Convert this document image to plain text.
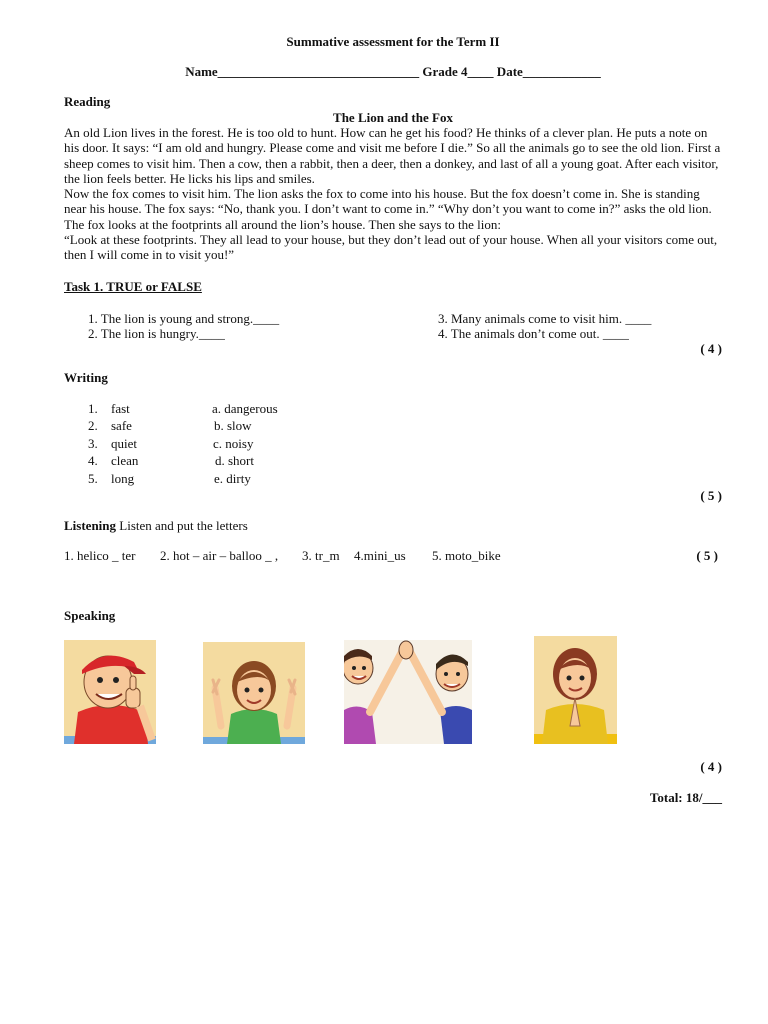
Summative assessment for the Term II
Name_______________________________ Grade 4____ Date____________
Reading
The Lion and the Fox

An old Lion lives in the forest. He is too old to hunt. How can he get his food? He thinks of a clever plan. He puts a note on his door. It says: “I am old and hungry. Please come and visit me before I die.” So all the animals go to see the old lion. First a sheep comes to visit him. Then a cow, then a rabbit, then a deer, then a donkey, and last of all a young goat. After each visitor, the lion feels better. He licks his lips and smiles.

Now the fox comes to visit him. The lion asks the fox to come into his house. But the fox doesn’t come in. She is standing near his house. The fox says: “No, thank you. I don’t want to come in.” “Why don’t you want to come in?” asks the old lion. The fox looks at the footprints all around the lion’s house. Then she says to the lion:

“Look at these footprints. They all lead to your house, but they don’t lead out of your house. When all your visitors come out, then I will come in to visit you!”

Task 1. TRUE or FALSE
1. The lion is young and strong.____
2. The lion is hungry.____
3. Many animals come to visit him. ____
4. The animals don’t come out. ____
( 4 )
Writing
1.
2.
3.
4.
5.
fast
safe
quiet
clean
long
a. dangerous
b. slow
c. noisy
d. short
e. dirty
( 5 )
Listening Listen and put the letters
1. helico _ ter 2. hot – air – balloo _ , 3. tr_m 4.mini_us 5. moto_bike	( 5 )
Speaking
( 4 )
Total: 18/___
